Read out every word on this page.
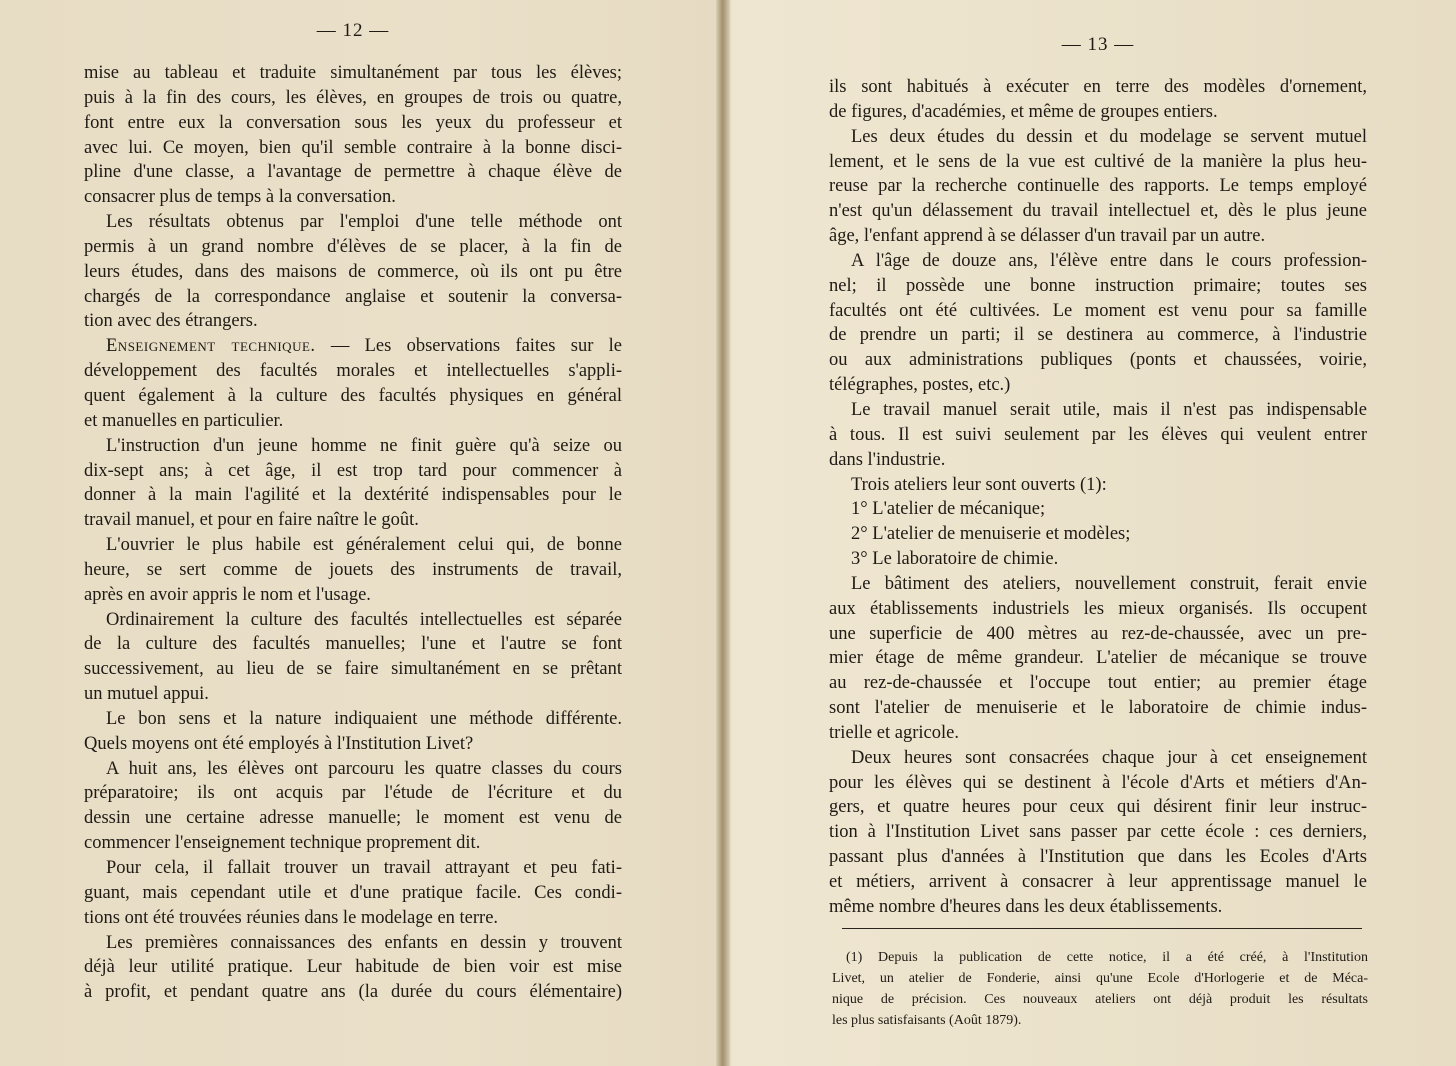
— 12 —
mise au tableau et traduite simultanément par tous les élèves;
puis à la fin des cours, les élèves, en groupes de trois ou quatre,
font entre eux la conversation sous les yeux du professeur et
avec lui. Ce moyen, bien qu'il semble contraire à la bonne disci-
pline d'une classe, a l'avantage de permettre à chaque élève de
consacrer plus de temps à la conversation.
Les résultats obtenus par l'emploi d'une telle méthode ont
permis à un grand nombre d'élèves de se placer, à la fin de
leurs études, dans des maisons de commerce, où ils ont pu être
chargés de la correspondance anglaise et soutenir la conversa-
tion avec des étrangers.
Enseignement technique. — Les observations faites sur le
développement des facultés morales et intellectuelles s'appli-
quent également à la culture des facultés physiques en général
et manuelles en particulier.
L'instruction d'un jeune homme ne finit guère qu'à seize ou
dix-sept ans; à cet âge, il est trop tard pour commencer à
donner à la main l'agilité et la dextérité indispensables pour le
travail manuel, et pour en faire naître le goût.
L'ouvrier le plus habile est généralement celui qui, de bonne
heure, se sert comme de jouets des instruments de travail,
après en avoir appris le nom et l'usage.
Ordinairement la culture des facultés intellectuelles est séparée
de la culture des facultés manuelles; l'une et l'autre se font
successivement, au lieu de se faire simultanément en se prêtant
un mutuel appui.
Le bon sens et la nature indiquaient une méthode différente.
Quels moyens ont été employés à l'Institution Livet?
A huit ans, les élèves ont parcouru les quatre classes du cours
préparatoire; ils ont acquis par l'étude de l'écriture et du
dessin une certaine adresse manuelle; le moment est venu de
commencer l'enseignement technique proprement dit.
Pour cela, il fallait trouver un travail attrayant et peu fati-
guant, mais cependant utile et d'une pratique facile. Ces condi-
tions ont été trouvées réunies dans le modelage en terre.
Les premières connaissances des enfants en dessin y trouvent
déjà leur utilité pratique. Leur habitude de bien voir est mise
à profit, et pendant quatre ans (la durée du cours élémentaire)
— 13 —
ils sont habitués à exécuter en terre des modèles d'ornement,
de figures, d'académies, et même de groupes entiers.
Les deux études du dessin et du modelage se servent mutuel
lement, et le sens de la vue est cultivé de la manière la plus heu-
reuse par la recherche continuelle des rapports. Le temps employé
n'est qu'un délassement du travail intellectuel et, dès le plus jeune
âge, l'enfant apprend à se délasser d'un travail par un autre.
A l'âge de douze ans, l'élève entre dans le cours profession-
nel; il possède une bonne instruction primaire; toutes ses
facultés ont été cultivées. Le moment est venu pour sa famille
de prendre un parti; il se destinera au commerce, à l'industrie
ou aux administrations publiques (ponts et chaussées, voirie,
télégraphes, postes, etc.)
Le travail manuel serait utile, mais il n'est pas indispensable
à tous. Il est suivi seulement par les élèves qui veulent entrer
dans l'industrie.
Trois ateliers leur sont ouverts (1):
1° L'atelier de mécanique;
2° L'atelier de menuiserie et modèles;
3° Le laboratoire de chimie.
Le bâtiment des ateliers, nouvellement construit, ferait envie
aux établissements industriels les mieux organisés. Ils occupent
une superficie de 400 mètres au rez-de-chaussée, avec un pre-
mier étage de même grandeur. L'atelier de mécanique se trouve
au rez-de-chaussée et l'occupe tout entier; au premier étage
sont l'atelier de menuiserie et le laboratoire de chimie indus-
trielle et agricole.
Deux heures sont consacrées chaque jour à cet enseignement
pour les élèves qui se destinent à l'école d'Arts et métiers d'An-
gers, et quatre heures pour ceux qui désirent finir leur instruc-
tion à l'Institution Livet sans passer par cette école : ces derniers,
passant plus d'années à l'Institution que dans les Ecoles d'Arts
et métiers, arrivent à consacrer à leur apprentissage manuel le
même nombre d'heures dans les deux établissements.
(1) Depuis la publication de cette notice, il a été créé, à l'Institution
Livet, un atelier de Fonderie, ainsi qu'une Ecole d'Horlogerie et de Méca-
nique de précision. Ces nouveaux ateliers ont déjà produit les résultats
les plus satisfaisants (Août 1879).
